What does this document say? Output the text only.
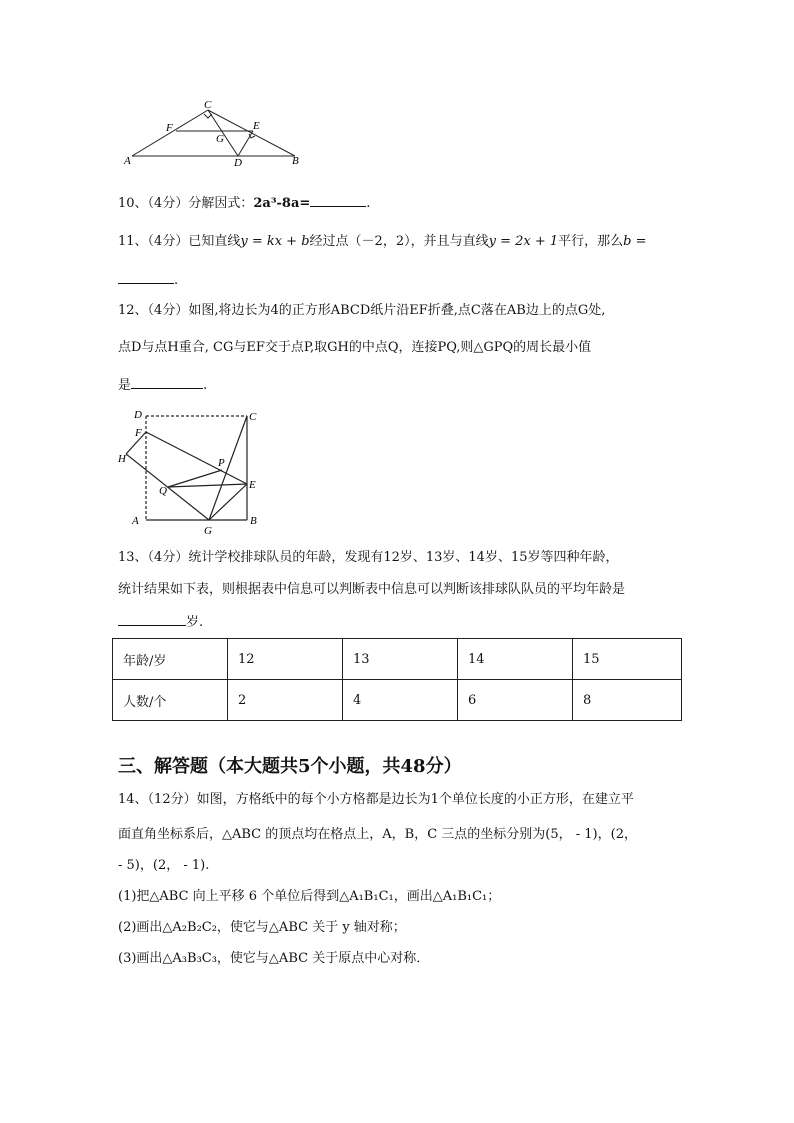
C
F	E
G
A	D	B
10、（4分）分解因式：2a³-8a=	.
11、（4分）已知直线y = kx + b经过点（－2，2），并且与直线y = 2x + 1平行，那么b =
.
12、（4分）如图,将边长为4的正方形ABCD纸片沿EF折叠,点C落在AB边上的点G处,
点D与点H重合, CG与EF交于点P,取GH的中点Q，连接PQ,则△GPQ的周长最小值
是	.
D	C
F
H	P
Q	E
A
G
B
13、（4分）统计学校排球队员的年龄，发现有12岁、13岁、14岁、15岁等四种年龄，
统计结果如下表，则根据表中信息可以判断表中信息可以判断该排球队队员的平均年龄是
岁.
年龄/岁	12	13	14	15
人数/个	2	4	6	8
三、解答题（本大题共5个小题，共48分）
14、（12分）如图，方格纸中的每个小方格都是边长为1个单位长度的小正方形，在建立平
面直角坐标系后，△ABC 的顶点均在格点上，A，B，C 三点的坐标分别为(5， - 1)，(2，
- 5)，(2， - 1).
(1)把△ABC 向上平移 6 个单位后得到△A₁B₁C₁，画出△A₁B₁C₁；
(2)画出△A₂B₂C₂，使它与△ABC 关于 y 轴对称；
(3)画出△A₃B₃C₃，使它与△ABC 关于原点中心对称．
